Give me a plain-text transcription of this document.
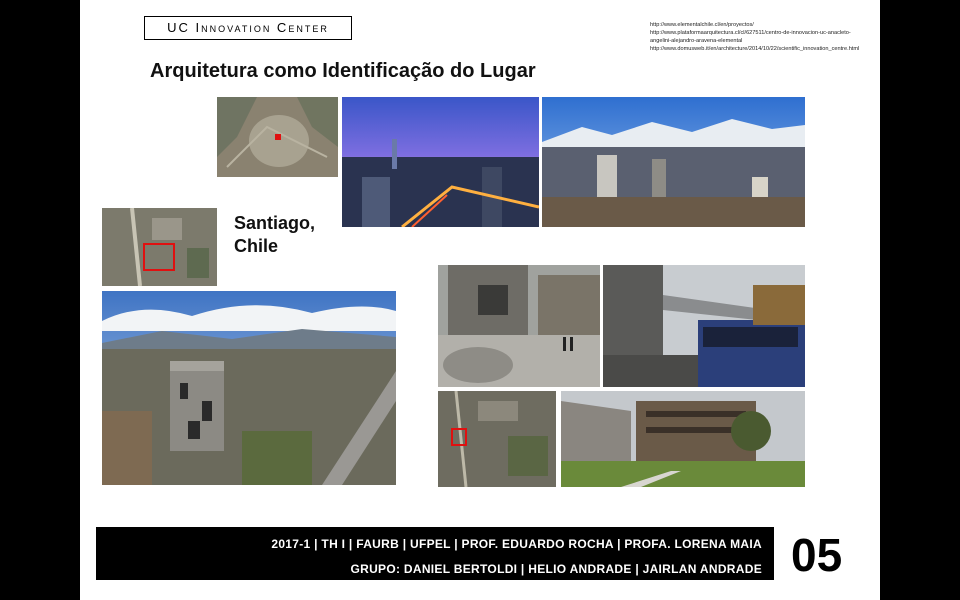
UC Innovation Center	http://www.elementalchile.cl/en/proyectos/
http://www.plataformaarquitectura.cl/cl/627511/centro-de-innovacion-uc-anacleto-angelini-alejandro-aravena-elemental
http://www.domusweb.it/en/architecture/2014/10/22/scientific_innovation_centre.html
Arquitetura como Identificação do Lugar
Santiago,
Chile
2017-1 | TH I | FAURB | UFPEL | PROF. EDUARDO ROCHA | PROFA. LORENA MAIA
GRUPO: DANIEL BERTOLDI | HELIO ANDRADE | JAIRLAN ANDRADE 05
